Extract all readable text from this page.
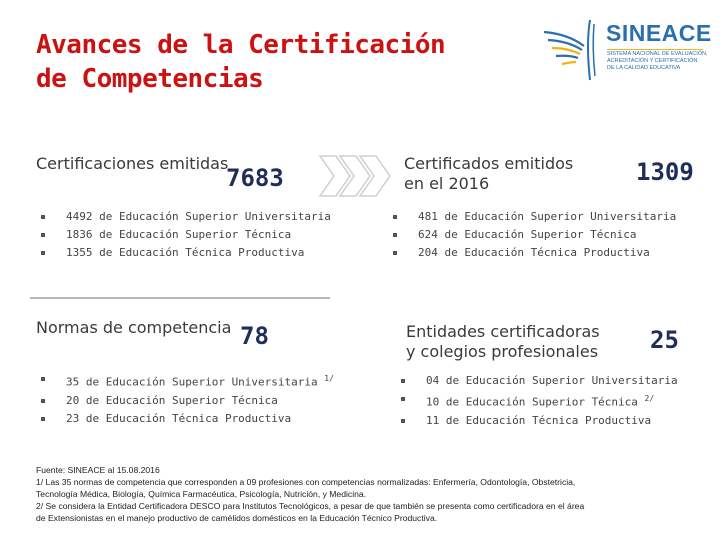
Avances de la Certificación
de Competencias
SINEACE
SISTEMA NACIONAL DE EVALUACIÓN,
ACREDITACIÓN Y CERTIFICACIÓN
DE LA CALIDAD EDUCATIVA
Certificaciones emitidas
7683
4492 de Educación Superior Universitaria
1836 de Educación Superior Técnica
1355 de Educación Técnica Productiva
Certificados emitidos
en el 2016	1309
481 de Educación Superior Universitaria
624 de Educación Superior Técnica
204 de Educación Técnica Productiva
Normas de competencia 78
35 de Educación Superior Universitaria $^{1/}$
20 de Educación Superior Técnica
23 de Educación Técnica Productiva
Entidades certificadoras
y colegios profesionales 25
04 de Educación Superior Universitaria
10 de Educación Superior Técnica $^{2/}$
11 de Educación Técnica Productiva
Fuente: SINEACE al 15.08.2016
1/ Las 35 normas de competencia que corresponden a 09 profesiones con competencias normalizadas: Enfermería, Odontología, Obstetricia,
Tecnología Médica, Biología, Química Farmacéutica, Psicología, Nutrición, y Medicina.
2/ Se considera la Entidad Certificadora DESCO para Institutos Tecnológicos, a pesar de que también se presenta como certificadora en el área
de Extensionistas en el manejo productivo de camélidos domésticos en la Educación Técnico Productiva.
